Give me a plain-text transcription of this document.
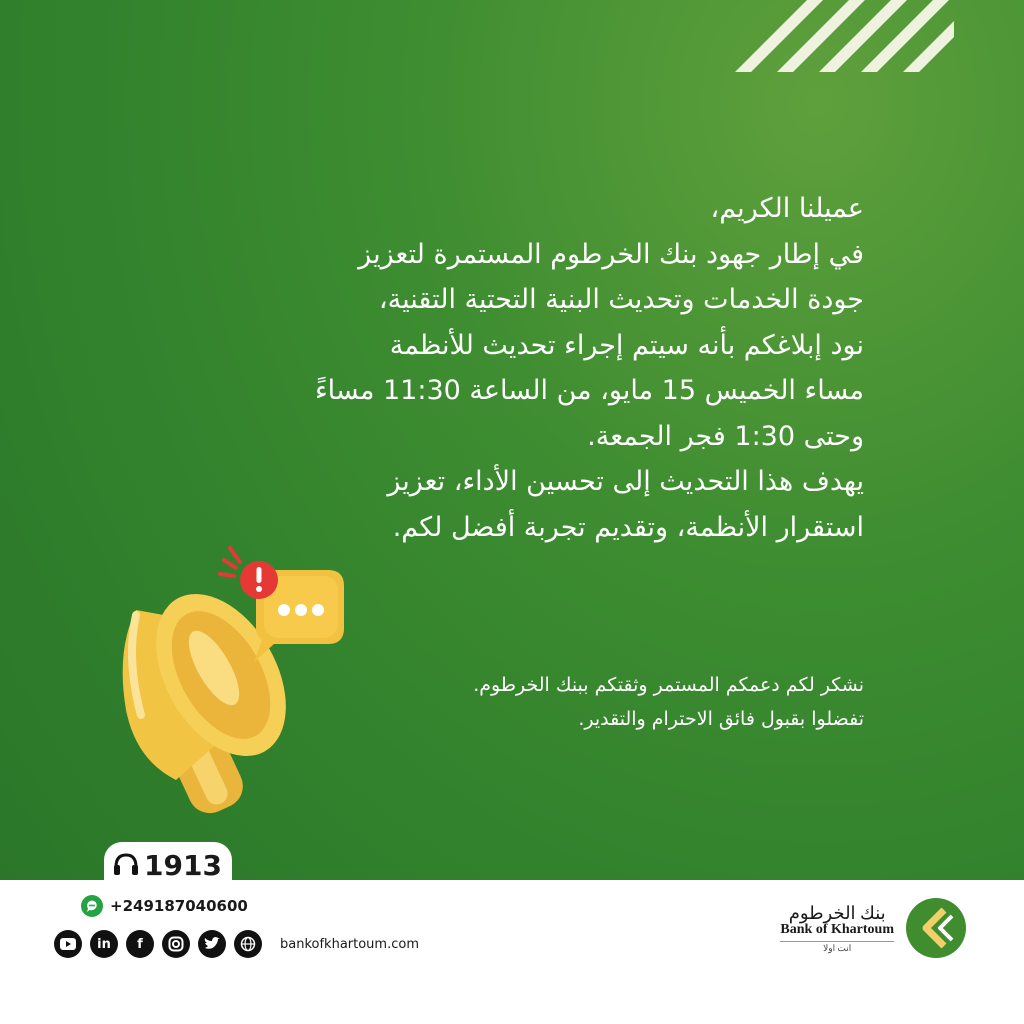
عميلنا الكريم،
في إطار جهود بنك الخرطوم المستمرة لتعزيز
جودة الخدمات وتحديث البنية التحتية التقنية،
نود إبلاغكم بأنه سيتم إجراء تحديث للأنظمة
مساء الخميس 15 مايو، من الساعة 11:30 مساءً
وحتى 1:30 فجر الجمعة.
يهدف هذا التحديث إلى تحسين الأداء، تعزيز
استقرار الأنظمة، وتقديم تجربة أفضل لكم.
نشكر لكم دعمكم المستمر وثقتكم ببنك الخرطوم.
تفضلوا بقبول فائق الاحترام والتقدير.
1913
+249187040600
in	f	bankofkhartoum.com
بنك الخرطوم
Bank of Khartoum
انت اولا
